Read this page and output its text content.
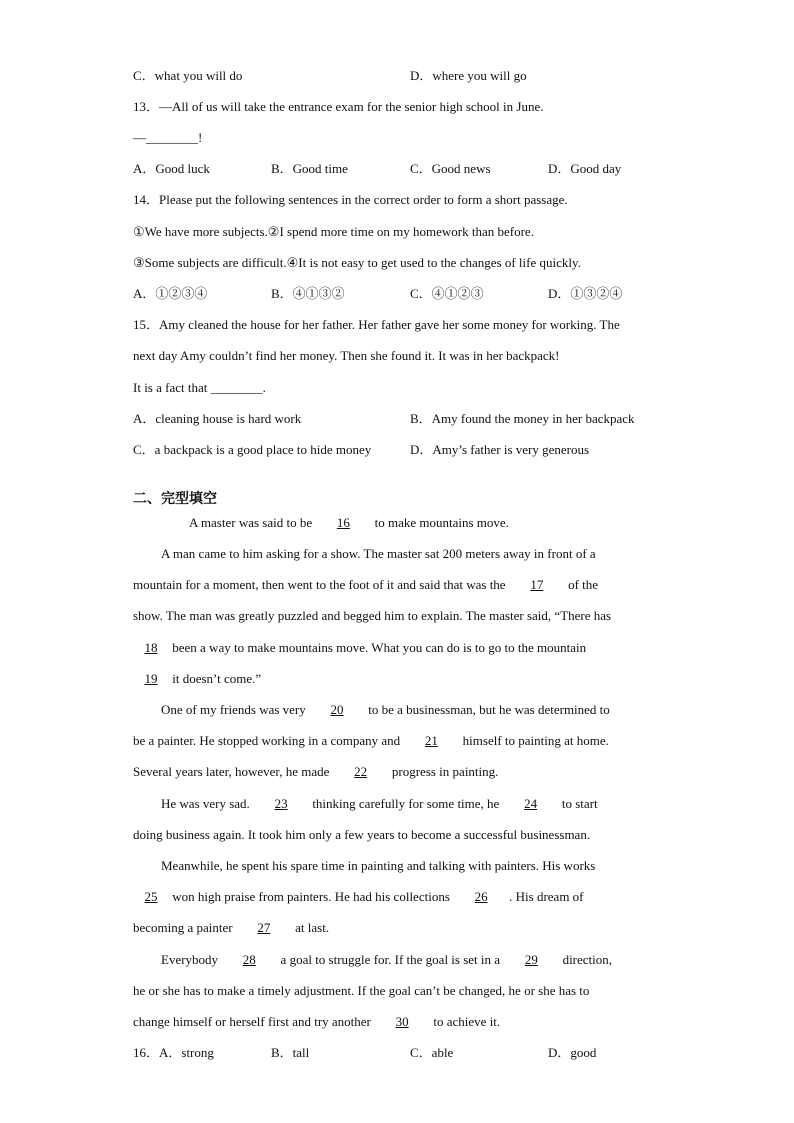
C．what you will do	D．where you will go
13．—All of us will take the entrance exam for the senior high school in June.
—________!
A．Good luck	B．Good time	C．Good news	D．Good day
14．Please put the following sentences in the correct order to form a short passage.
①We have more subjects.②I spend more time on my homework than before.
③Some subjects are difficult.④It is not easy to get used to the changes of life quickly.
A．①②③④	B．④①③②	C．④①②③	D．①③②④
15．Amy cleaned the house for her father. Her father gave her some money for working. The
next day Amy couldn’t find her money. Then she found it. It was in her backpack!
It is a fact that ________.
A．cleaning house is hard work	B．Amy found the money in her backpack
C．a backpack is a good place to hide money	D．Amy’s father is very generous
二、完型填空
A master was said to be 16 to make mountains move.
A man came to him asking for a show. The master sat 200 meters away in front of a
mountain for a moment, then went to the foot of it and said that was the 17 of the
show. The man was greatly puzzled and begged him to explain. The master said, “There has
18 been a way to make mountains move. What you can do is to go to the mountain
19 it doesn’t come.”
One of my friends was very 20 to be a businessman, but he was determined to
be a painter. He stopped working in a company and 21 himself to painting at home.
Several years later, however, he made 22 progress in painting.
He was very sad. 23 thinking carefully for some time, he 24 to start
doing business again. It took him only a few years to become a successful businessman.
Meanwhile, he spent his spare time in painting and talking with painters. His works
25 won high praise from painters. He had his collections 26 . His dream of
becoming a painter 27 at last.
Everybody 28 a goal to struggle for. If the goal is set in a 29 direction,
he or she has to make a timely adjustment. If the goal can’t be changed, he or she has to
change himself or herself first and try another 30 to achieve it.
16．A．strong	B．tall	C．able	D．good
